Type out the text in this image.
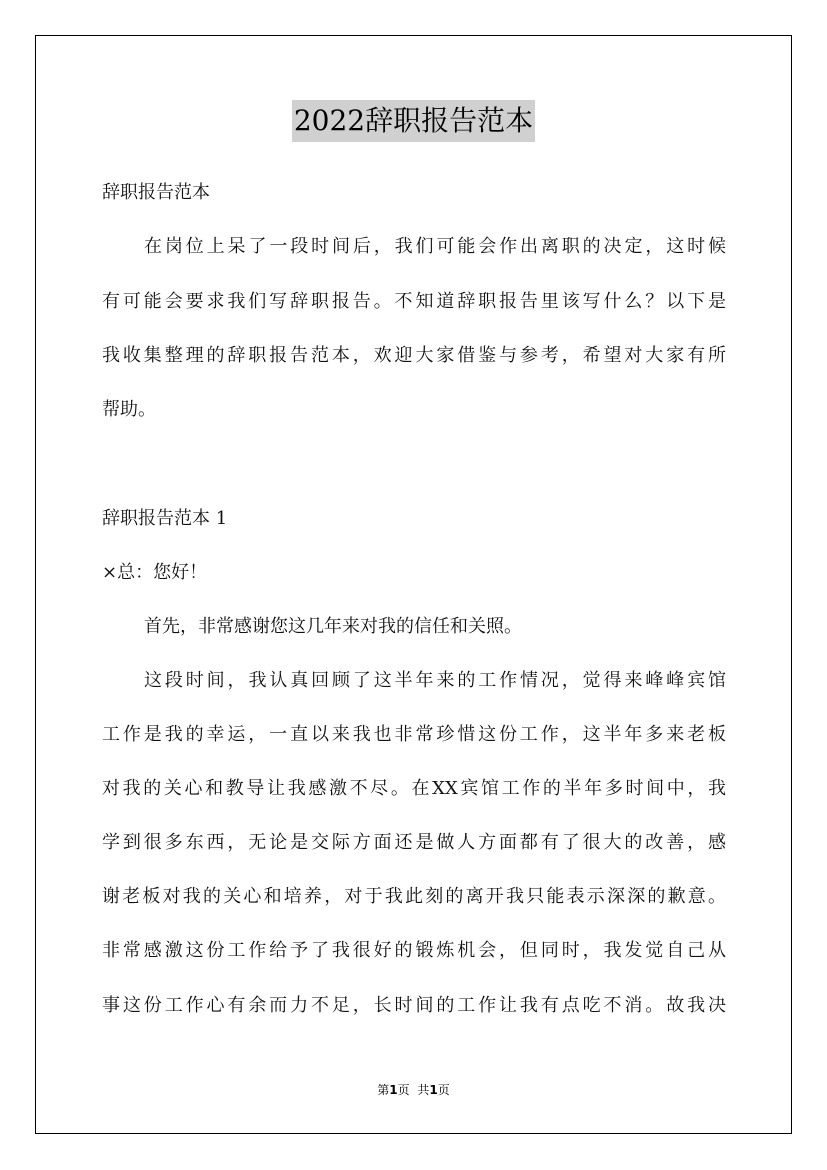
2022辞职报告范本
辞职报告范本
在岗位上呆了一段时间后，我们可能会作出离职的决定，这时候
有可能会要求我们写辞职报告。不知道辞职报告里该写什么？以下是
我收集整理的辞职报告范本，欢迎大家借鉴与参考，希望对大家有所
帮助。
辞职报告范本 1
×总：您好！
首先，非常感谢您这几年来对我的信任和关照。
这段时间，我认真回顾了这半年来的工作情况，觉得来峰峰宾馆
工作是我的幸运，一直以来我也非常珍惜这份工作，这半年多来老板
对我的关心和教导让我感激不尽。在XX宾馆工作的半年多时间中，我
学到很多东西，无论是交际方面还是做人方面都有了很大的改善，感
谢老板对我的关心和培养，对于我此刻的离开我只能表示深深的歉意。
非常感激这份工作给予了我很好的锻炼机会，但同时，我发觉自己从
事这份工作心有余而力不足，长时间的工作让我有点吃不消。故我决
第1页 共1页
